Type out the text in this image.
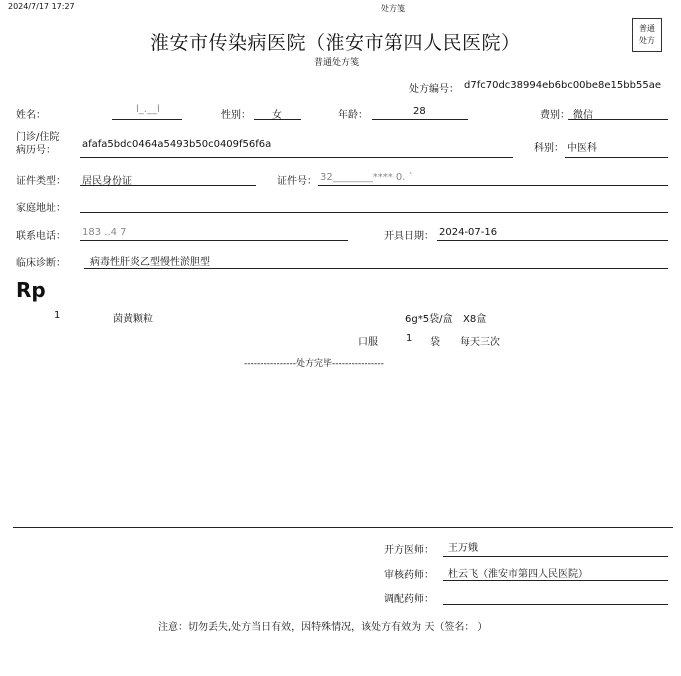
2024/7/17 17:27	处方笺
淮安市传染病医院（淮安市第四人民医院）
普通处方笺
普通
处方
处方编号： d7fc70dc38994eb6bc00be8e15bb55ae
姓名：
l_.__l
性别： 女	年龄：	28	费别： 微信
门诊/住院
病历号：
afafa5bdc0464a5493b50c0409f56f6a	科别： 中医科
证件类型： 居民身份证	证件号： 32________**** 0. `
家庭地址：
联系电话： 183 ..4 7	开具日期： 2024-07-16
临床诊断： 病毒性肝炎乙型慢性淤胆型
Rp
1	茵黄颗粒	6g*5袋/盒 X8盒
口服	1 袋 每天三次
----------------处方完毕----------------
开方医师： 王万娥
审核药师： 杜云飞（淮安市第四人民医院）
调配药师：
注意：切勿丢失,处方当日有效，因特殊情况，该处方有效为 天（签名： ）
